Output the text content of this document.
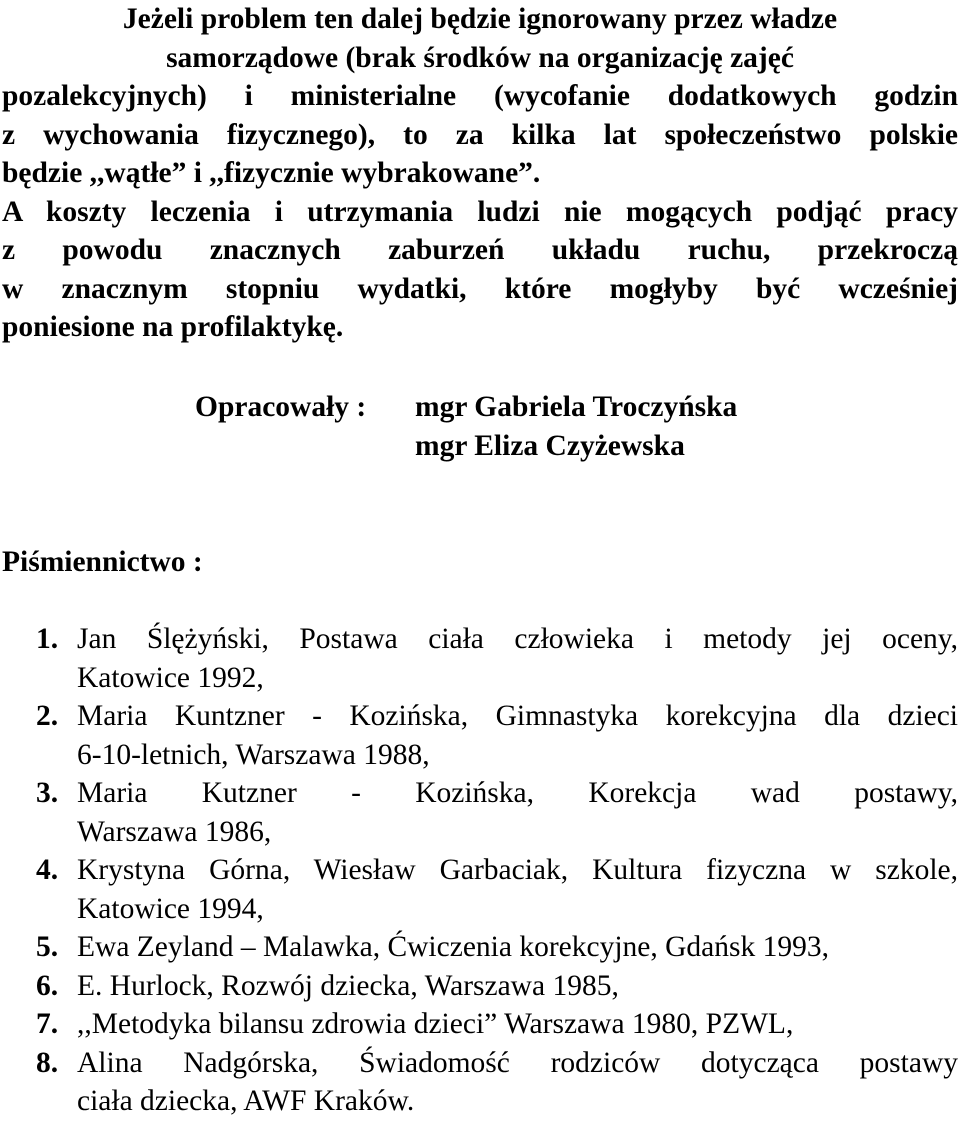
Jeżeli problem ten dalej będzie ignorowany przez władze
samorządowe (brak środków na organizację zajęć
pozalekcyjnych) i ministerialne (wycofanie dodatkowych godzin
z wychowania fizycznego), to za kilka lat społeczeństwo polskie
będzie ,,wątłe” i ,,fizycznie wybrakowane”.
A koszty leczenia i utrzymania ludzi nie mogących podjąć pracy
z powodu znacznych zaburzeń układu ruchu, przekroczą
w znacznym stopniu wydatki, które mogłyby być wcześniej
poniesione na profilaktykę.
Opracowały :	mgr Gabriela Troczyńska
mgr Eliza Czyżewska
Piśmiennictwo :
1. Jan Ślężyński, Postawa ciała człowieka i metody jej oceny,
Katowice 1992,
2. Maria Kuntzner - Kozińska, Gimnastyka korekcyjna dla dzieci
6-10-letnich, Warszawa 1988,
3. Maria Kutzner - Kozińska, Korekcja wad postawy,
Warszawa 1986,
4. Krystyna Górna, Wiesław Garbaciak, Kultura fizyczna w szkole,
Katowice 1994,
5. Ewa Zeyland – Malawka, Ćwiczenia korekcyjne, Gdańsk 1993,
6. E. Hurlock, Rozwój dziecka, Warszawa 1985,
7. ,,Metodyka bilansu zdrowia dzieci” Warszawa 1980, PZWL,
8. Alina Nadgórska, Świadomość rodziców dotycząca postawy
ciała dziecka, AWF Kraków.
